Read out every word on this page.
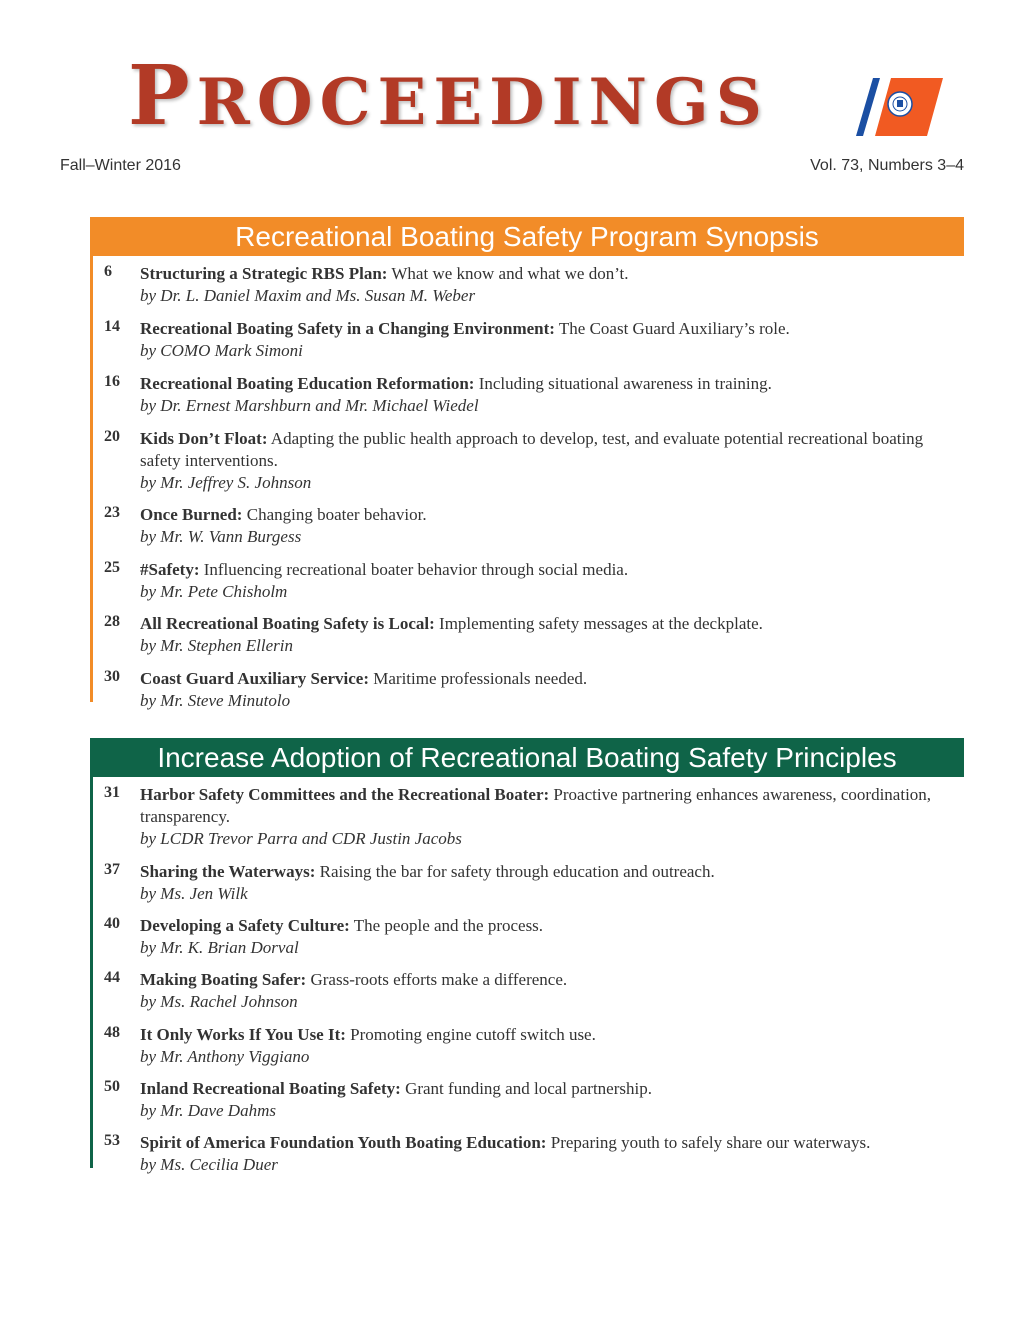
PROCEEDINGS
Fall–Winter 2016	Vol. 73, Numbers 3–4
Recreational Boating Safety Program Synopsis
6	Structuring a Strategic RBS Plan: What we know and what we don’t.
by Dr. L. Daniel Maxim and Ms. Susan M. Weber
14	Recreational Boating Safety in a Changing Environment: The Coast Guard Auxiliary’s role.
by COMO Mark Simoni
16	Recreational Boating Education Reformation: Including situational awareness in training.
by Dr. Ernest Marshburn and Mr. Michael Wiedel
20	Kids Don’t Float: Adapting the public health approach to develop, test, and evaluate potential recreational boating safety interventions.
by Mr. Jeffrey S. Johnson
23	Once Burned: Changing boater behavior.
by Mr. W. Vann Burgess
25	#Safety: Influencing recreational boater behavior through social media.
by Mr. Pete Chisholm
28	All Recreational Boating Safety is Local: Implementing safety messages at the deckplate.
by Mr. Stephen Ellerin
30	Coast Guard Auxiliary Service: Maritime professionals needed.
by Mr. Steve Minutolo
Increase Adoption of Recreational Boating Safety Principles
31	Harbor Safety Committees and the Recreational Boater: Proactive partnering enhances awareness, coordination, transparency.
by LCDR Trevor Parra and CDR Justin Jacobs
37	Sharing the Waterways: Raising the bar for safety through education and outreach.
by Ms. Jen Wilk
40	Developing a Safety Culture: The people and the process.
by Mr. K. Brian Dorval
44	Making Boating Safer: Grass-roots efforts make a difference.
by Ms. Rachel Johnson
48	It Only Works If You Use It: Promoting engine cutoff switch use.
by Mr. Anthony Viggiano
50	Inland Recreational Boating Safety: Grant funding and local partnership.
by Mr. Dave Dahms
53	Spirit of America Foundation Youth Boating Education: Preparing youth to safely share our waterways.
by Ms. Cecilia Duer
